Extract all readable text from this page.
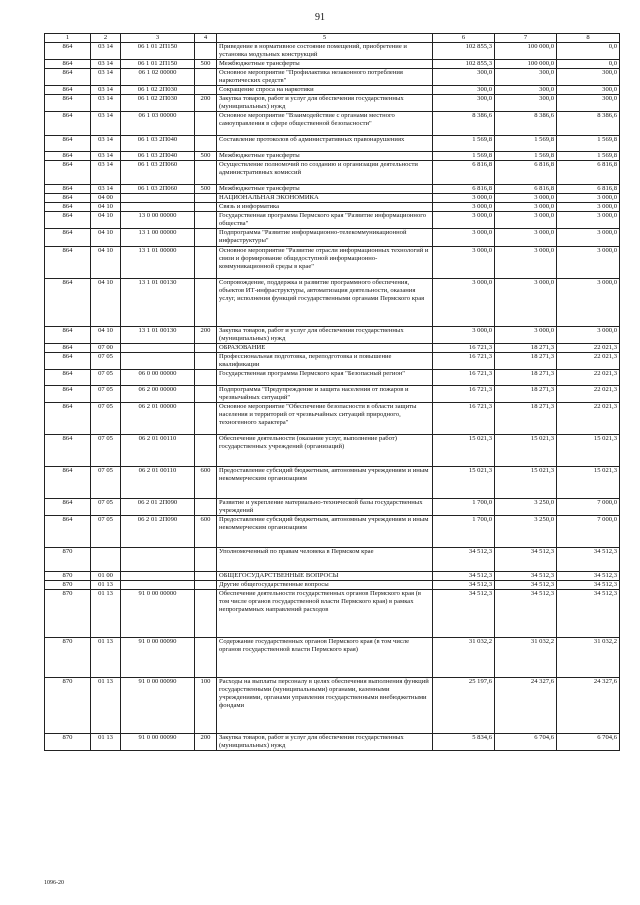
91
1	2	3	4	5	6	7	8
864	03 14	06 1 01 2П150		Приведение в нормативное состояние помещений, приобретение и установка модульных конструкций	102 855,3	100 000,0	0,0
864	03 14	06 1 01 2П150	500	Межбюджетные трансферты	102 855,3	100 000,0	0,0
864	03 14	06 1 02 00000		Основное мероприятие "Профилактика незаконного потребления наркотических средств"	300,0	300,0	300,0
864	03 14	06 1 02 2П030		Сокращение спроса на наркотики	300,0	300,0	300,0
864	03 14	06 1 02 2П030	200	Закупка товаров, работ и услуг для обеспечения государственных (муниципальных) нужд	300,0	300,0	300,0
864	03 14	06 1 03 00000		Основное мероприятие "Взаимодействие с органами местного самоуправления в сфере общественной безопасности"	8 386,6	8 386,6	8 386,6
864	03 14	06 1 03 2П040		Составление протоколов об административных правонарушениях	1 569,8	1 569,8	1 569,8
864	03 14	06 1 03 2П040	500	Межбюджетные трансферты	1 569,8	1 569,8	1 569,8
864	03 14	06 1 03 2П060		Осуществление полномочий по созданию и организации деятельности административных комиссий	6 816,8	6 816,8	6 816,8
864	03 14	06 1 03 2П060	500	Межбюджетные трансферты	6 816,8	6 816,8	6 816,8
864	04 00			НАЦИОНАЛЬНАЯ ЭКОНОМИКА	3 000,0	3 000,0	3 000,0
864	04 10			Связь и информатика	3 000,0	3 000,0	3 000,0
864	04 10	13 0 00 00000		Государственная программа Пермского края "Развитие информационного общества"	3 000,0	3 000,0	3 000,0
864	04 10	13 1 00 00000		Подпрограмма "Развитие информационно-телекоммуникационной инфраструктуры"	3 000,0	3 000,0	3 000,0
864	04 10	13 1 01 00000		Основное мероприятие "Развитие отрасли информационных технологий и связи и формирование общедоступной информационно-коммуникационной среды в крае"	3 000,0	3 000,0	3 000,0
864	04 10	13 1 01 00130		Сопровождение, поддержка и развитие программного обеспечения, объектов ИТ-инфраструктуры, автоматизация деятельности, оказания услуг, исполнения функций государственными органами Пермского края	3 000,0	3 000,0	3 000,0
864	04 10	13 1 01 00130	200	Закупка товаров, работ и услуг для обеспечения государственных (муниципальных) нужд	3 000,0	3 000,0	3 000,0
864	07 00			ОБРАЗОВАНИЕ	16 721,3	18 271,3	22 021,3
864	07 05			Профессиональная подготовка, переподготовка и повышение квалификации	16 721,3	18 271,3	22 021,3
864	07 05	06 0 00 00000		Государственная программа Пермского края "Безопасный регион"	16 721,3	18 271,3	22 021,3
864	07 05	06 2 00 00000		Подпрограмма "Предупреждение и защита населения от пожаров и чрезвычайных ситуаций"	16 721,3	18 271,3	22 021,3
864	07 05	06 2 01 00000		Основное мероприятие "Обеспечение безопасности в области защиты населения и территорий от чрезвычайных ситуаций природного, техногенного характера"	16 721,3	18 271,3	22 021,3
864	07 05	06 2 01 00110		Обеспечение деятельности (оказание услуг, выполнение работ) государственных учреждений (организаций)	15 021,3	15 021,3	15 021,3
864	07 05	06 2 01 00110	600	Предоставление субсидий бюджетным, автономным учреждениям и иным некоммерческим организациям	15 021,3	15 021,3	15 021,3
864	07 05	06 2 01 2П090		Развитие и укрепление материально-технической базы государственных учреждений	1 700,0	3 250,0	7 000,0
864	07 05	06 2 01 2П090	600	Предоставление субсидий бюджетным, автономным учреждениям и иным некоммерческим организациям	1 700,0	3 250,0	7 000,0
870				Уполномоченный по правам человека в Пермском крае	34 512,3	34 512,3	34 512,3
870	01 00			ОБЩЕГОСУДАРСТВЕННЫЕ ВОПРОСЫ	34 512,3	34 512,3	34 512,3
870	01 13			Другие общегосударственные вопросы	34 512,3	34 512,3	34 512,3
870	01 13	91 0 00 00000		Обеспечение деятельности государственных органов Пермского края (в том числе органов государственной власти Пермского края) в рамках непрограммных направлений расходов	34 512,3	34 512,3	34 512,3
870	01 13	91 0 00 00090		Содержание государственных органов Пермского края (в том числе органов государственной власти Пермского края)	31 032,2	31 032,2	31 032,2
870	01 13	91 0 00 00090	100	Расходы на выплаты персоналу в целях обеспечения выполнения функций государственными (муниципальными) органами, казенными учреждениями, органами управления государственными внебюджетными фондами	25 197,6	24 327,6	24 327,6
870	01 13	91 0 00 00090	200	Закупка товаров, работ и услуг для обеспечения государственных (муниципальных) нужд	5 834,6	6 704,6	6 704,6
1096-20
